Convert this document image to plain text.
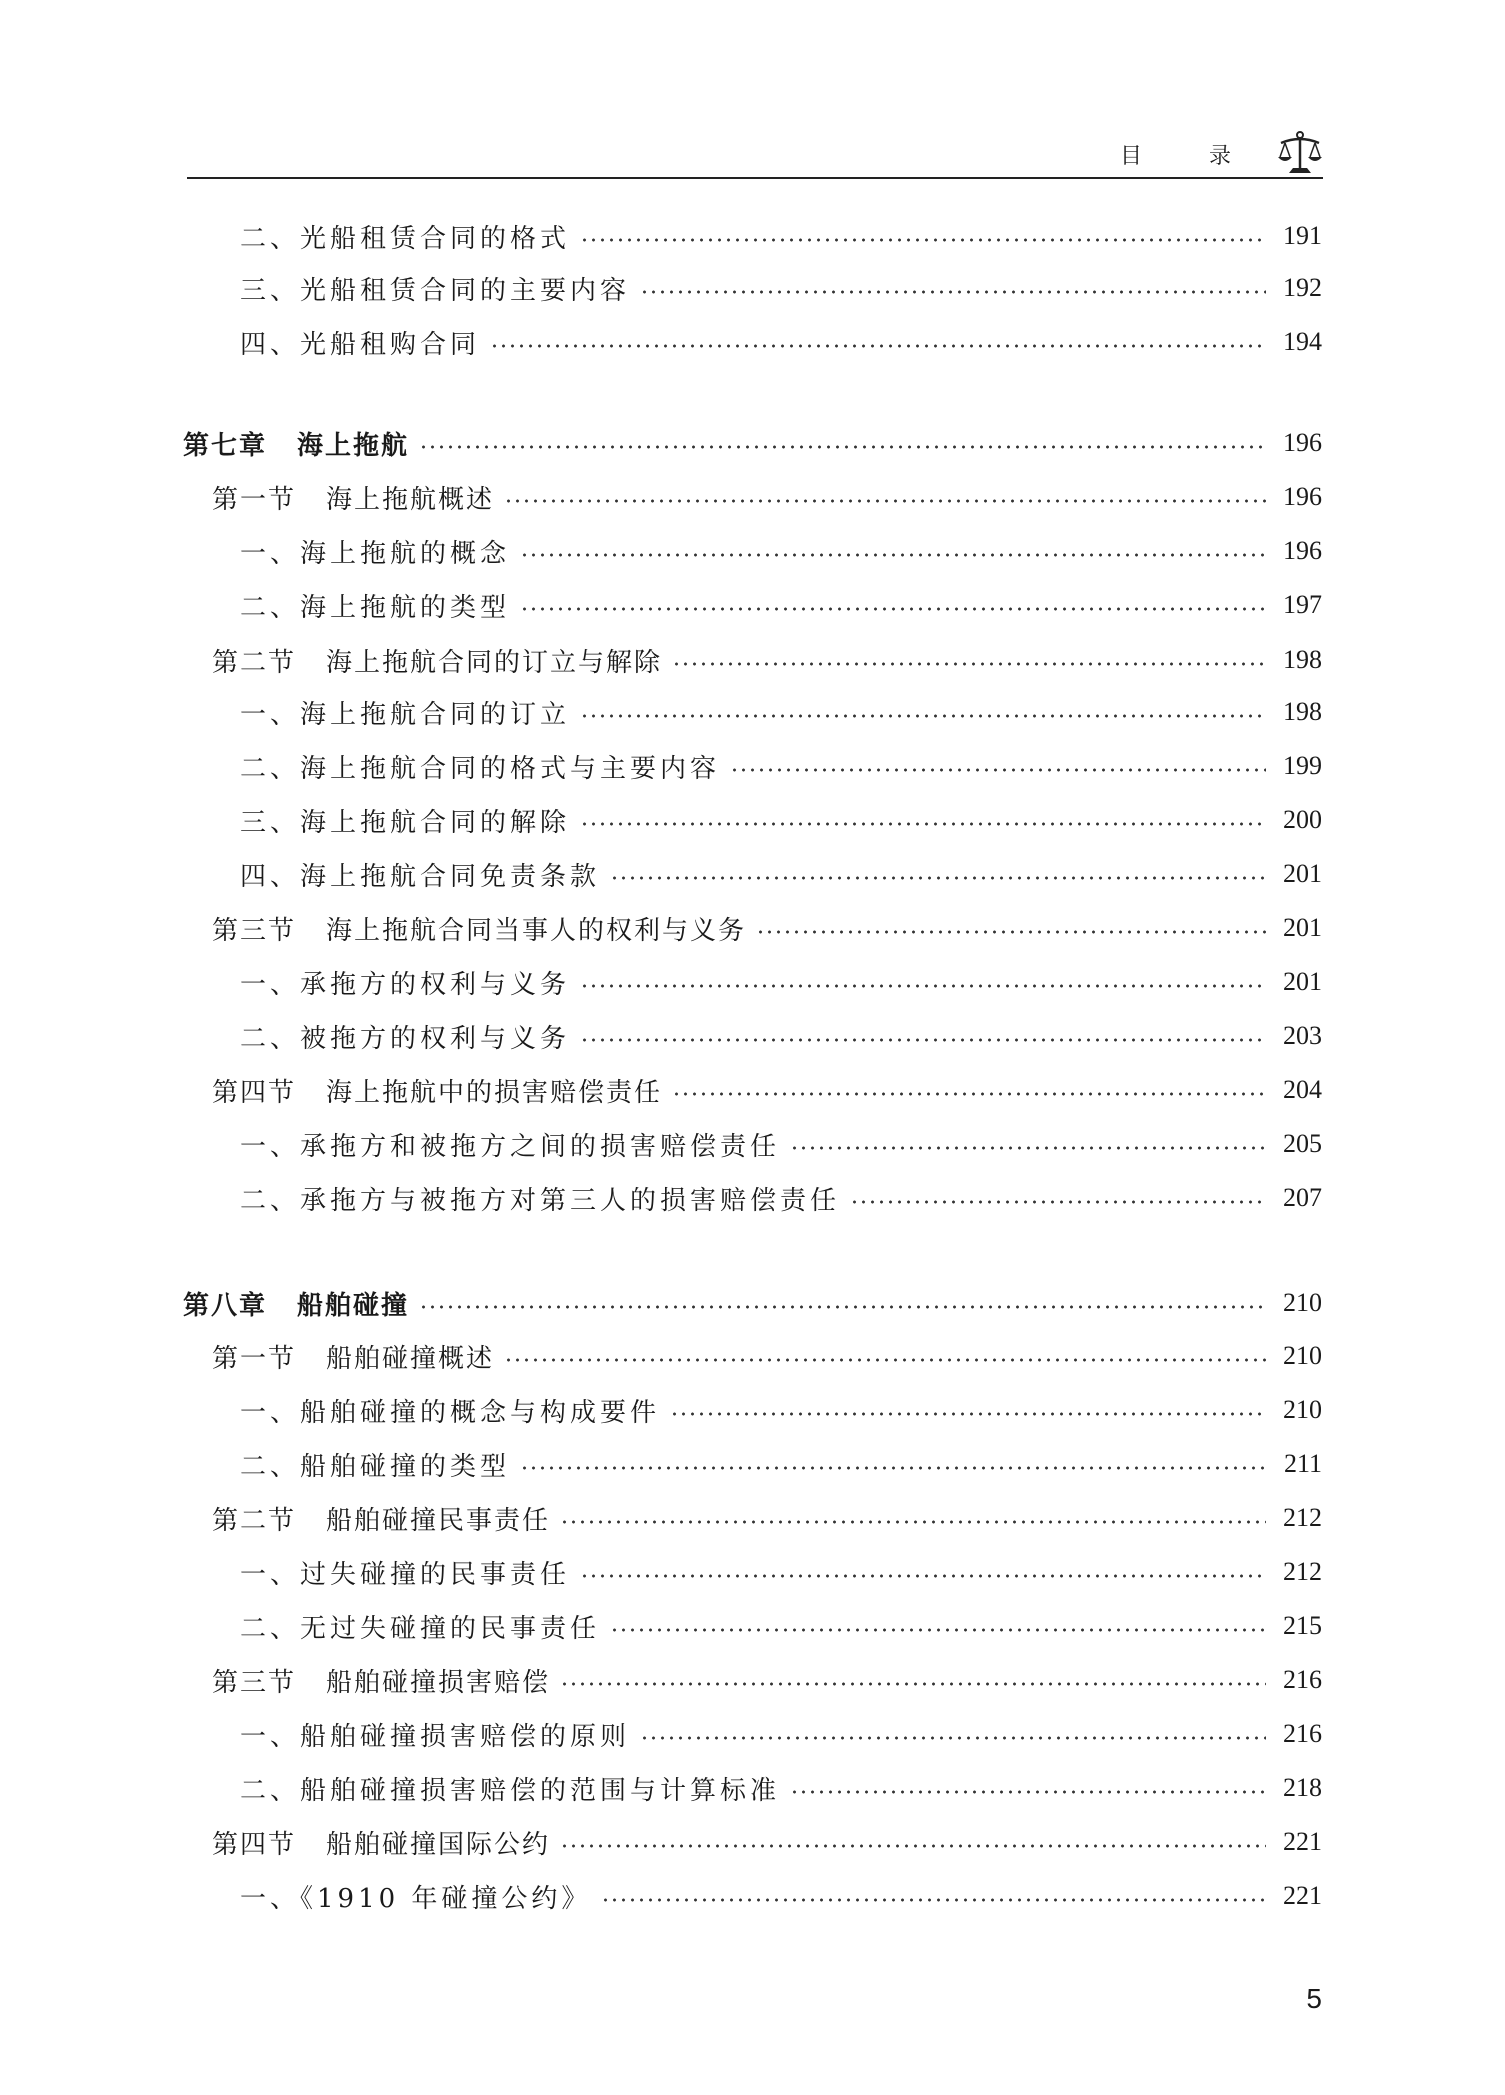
目 录
二、光船租赁合同的格式	191
三、光船租赁合同的主要内容	192
四、光船租购合同	194
第七章 海上拖航	196
第一节 海上拖航概述	196
一、海上拖航的概念	196
二、海上拖航的类型	197
第二节 海上拖航合同的订立与解除	198
一、海上拖航合同的订立	198
二、海上拖航合同的格式与主要内容	199
三、海上拖航合同的解除	200
四、海上拖航合同免责条款	201
第三节 海上拖航合同当事人的权利与义务	201
一、承拖方的权利与义务	201
二、被拖方的权利与义务	203
第四节 海上拖航中的损害赔偿责任	204
一、承拖方和被拖方之间的损害赔偿责任	205
二、承拖方与被拖方对第三人的损害赔偿责任	207
第八章 船舶碰撞	210
第一节 船舶碰撞概述	210
一、船舶碰撞的概念与构成要件	210
二、船舶碰撞的类型	211
第二节 船舶碰撞民事责任	212
一、过失碰撞的民事责任	212
二、无过失碰撞的民事责任	215
第三节 船舶碰撞损害赔偿	216
一、船舶碰撞损害赔偿的原则	216
二、船舶碰撞损害赔偿的范围与计算标准	218
第四节 船舶碰撞国际公约	221
一、《1910 年碰撞公约》	221
5
